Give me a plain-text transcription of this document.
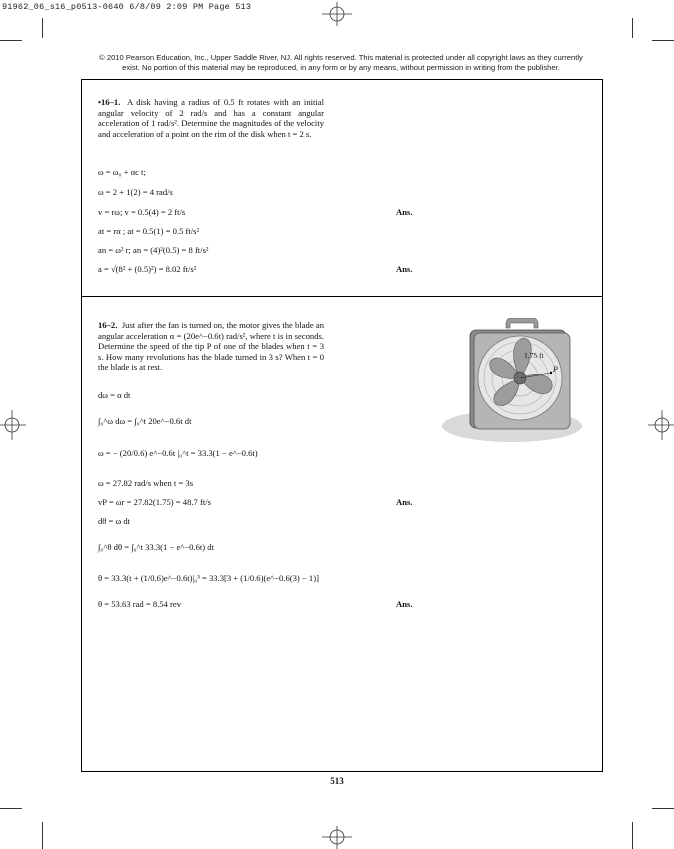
91962_06_s16_p0513-0640 6/8/09 2:09 PM Page 513
© 2010 Pearson Education, Inc., Upper Saddle River, NJ. All rights reserved. This material is protected under all copyright laws as they currently exist. No portion of this material may be reproduced, in any form or by any means, without permission in writing from the publisher.
•16–1. A disk having a radius of 0.5 ft rotates with an initial angular velocity of 2 rad/s and has a constant angular acceleration of 1 rad/s². Determine the magnitudes of the velocity and acceleration of a point on the rim of the disk when t = 2 s.
ω = ω₀ + αc t;
ω = 2 + 1(2) = 4 rad/s
v = rω; v = 0.5(4) = 2 ft/s	Ans.
at = rα ; at = 0.5(1) = 0.5 ft/s²
an = ω² r; an = (4)²(0.5) = 8 ft/s²
a = √(8² + (0.5)²) = 8.02 ft/s²	Ans.
16–2. Just after the fan is turned on, the motor gives the blade an angular acceleration α = (20e^−0.6t) rad/s², where t is in seconds. Determine the speed of the tip P of one of the blades when t = 3 s. How many revolutions has the blade turned in 3 s? When t = 0 the blade is at rest.
1.75 ft
P
dω = α dt
∫₀^ω dω = ∫₀^t 20e^−0.6t dt
ω = − (20/0.6) e^−0.6t |₀^t = 33.3(1 − e^−0.6t)
ω = 27.82 rad/s when t = 3s
vP = ωr = 27.82(1.75) = 48.7 ft/s	Ans.
dθ = ω dt
∫₀^θ dθ = ∫₀^t 33.3(1 − e^−0.6t) dt
θ = 33.3(t + (1/0.6)e^−0.6t)|₀³ = 33.3[3 + (1/0.6)(e^−0.6(3) − 1)]
θ = 53.63 rad = 8.54 rev	Ans.
513
